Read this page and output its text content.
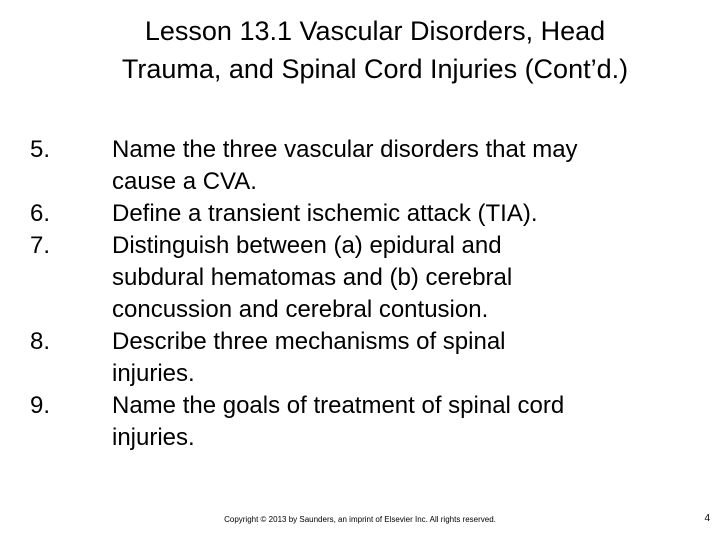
Lesson 13.1 Vascular Disorders, Head
Trauma, and Spinal Cord Injuries (Cont’d.)
5.	Name the three vascular disorders that may
cause a CVA.
6.	Define a transient ischemic attack (TIA).
7.	Distinguish between (a) epidural and
subdural hematomas and (b) cerebral
concussion and cerebral contusion.
8.	Describe three mechanisms of spinal
injuries.
9.	Name the goals of treatment of spinal cord
injuries.
Copyright © 2013 by Saunders, an imprint of Elsevier Inc. All rights reserved.	4
